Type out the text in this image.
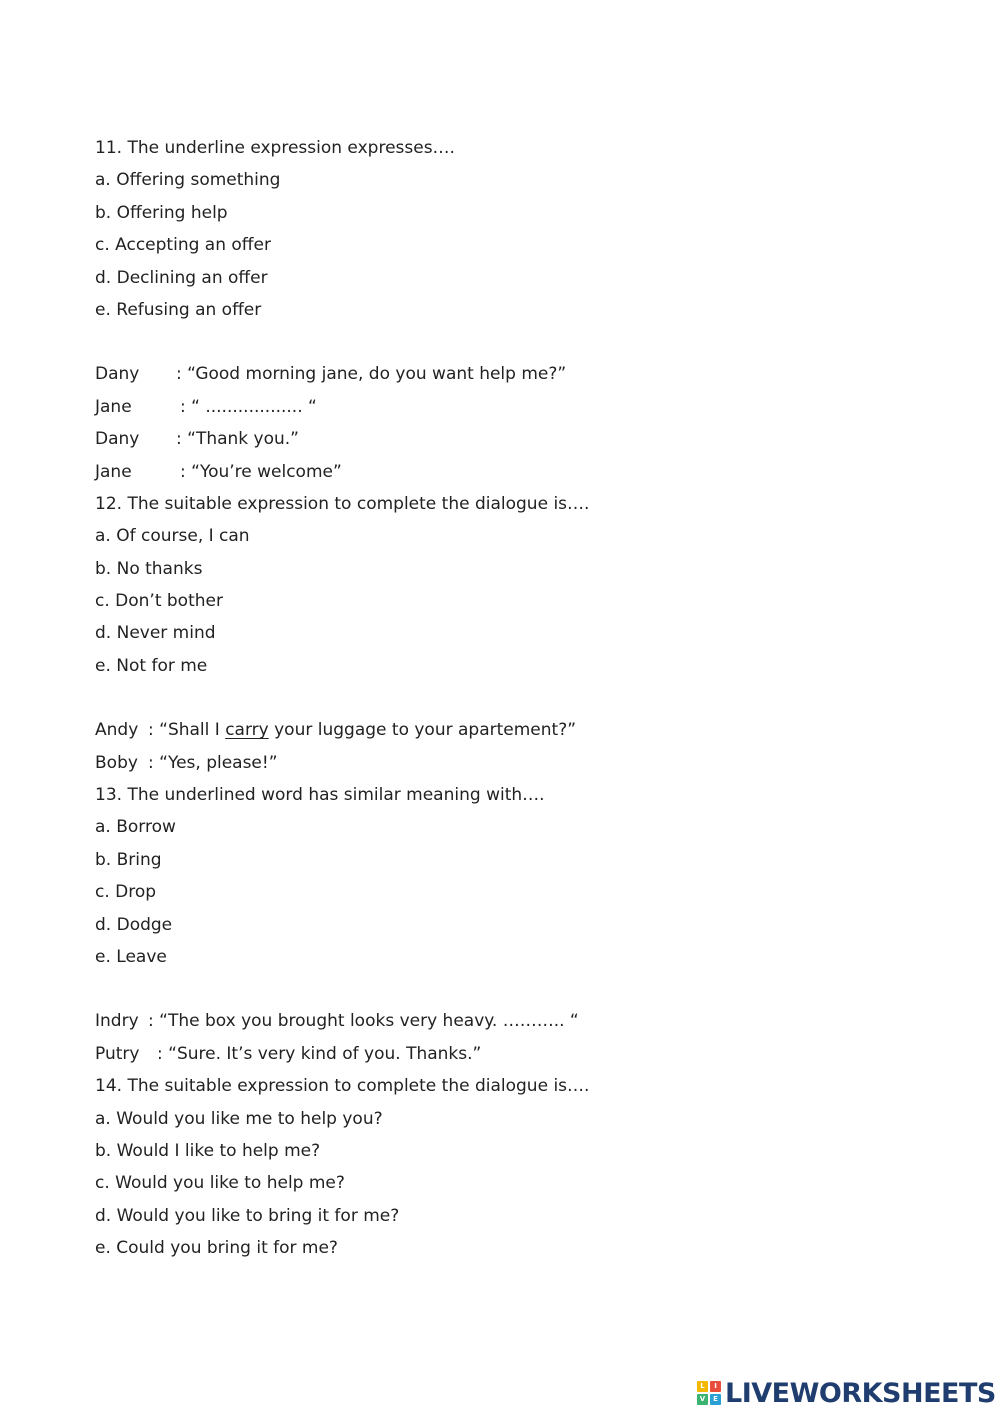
11. The underline expression expresses….
a. Offering something
b. Offering help
c. Accepting an offer
d. Declining an offer
e. Refusing an offer
Dany : “Good morning jane, do you want help me?”
Jane	: “ .................. “
Dany : “Thank you.”
Jane	: “You’re welcome”
12. The suitable expression to complete the dialogue is….
a. Of course, I can
b. No thanks
c. Don’t bother
d. Never mind
e. Not for me
Andy : “Shall I carry your luggage to your apartement?”
Boby : “Yes, please!”
13. The underlined word has similar meaning with….
a. Borrow
b. Bring
c. Drop
d. Dodge
e. Leave
Indry : “The box you brought looks very heavy. ……….. “
Putry : “Sure. It’s very kind of you. Thanks.”
14. The suitable expression to complete the dialogue is….
a. Would you like me to help you?
b. Would I like to help me?
c. Would you like to help me?
d. Would you like to bring it for me?
e. Could you bring it for me?
L	I
V	E LIVEWORKSHEETS
